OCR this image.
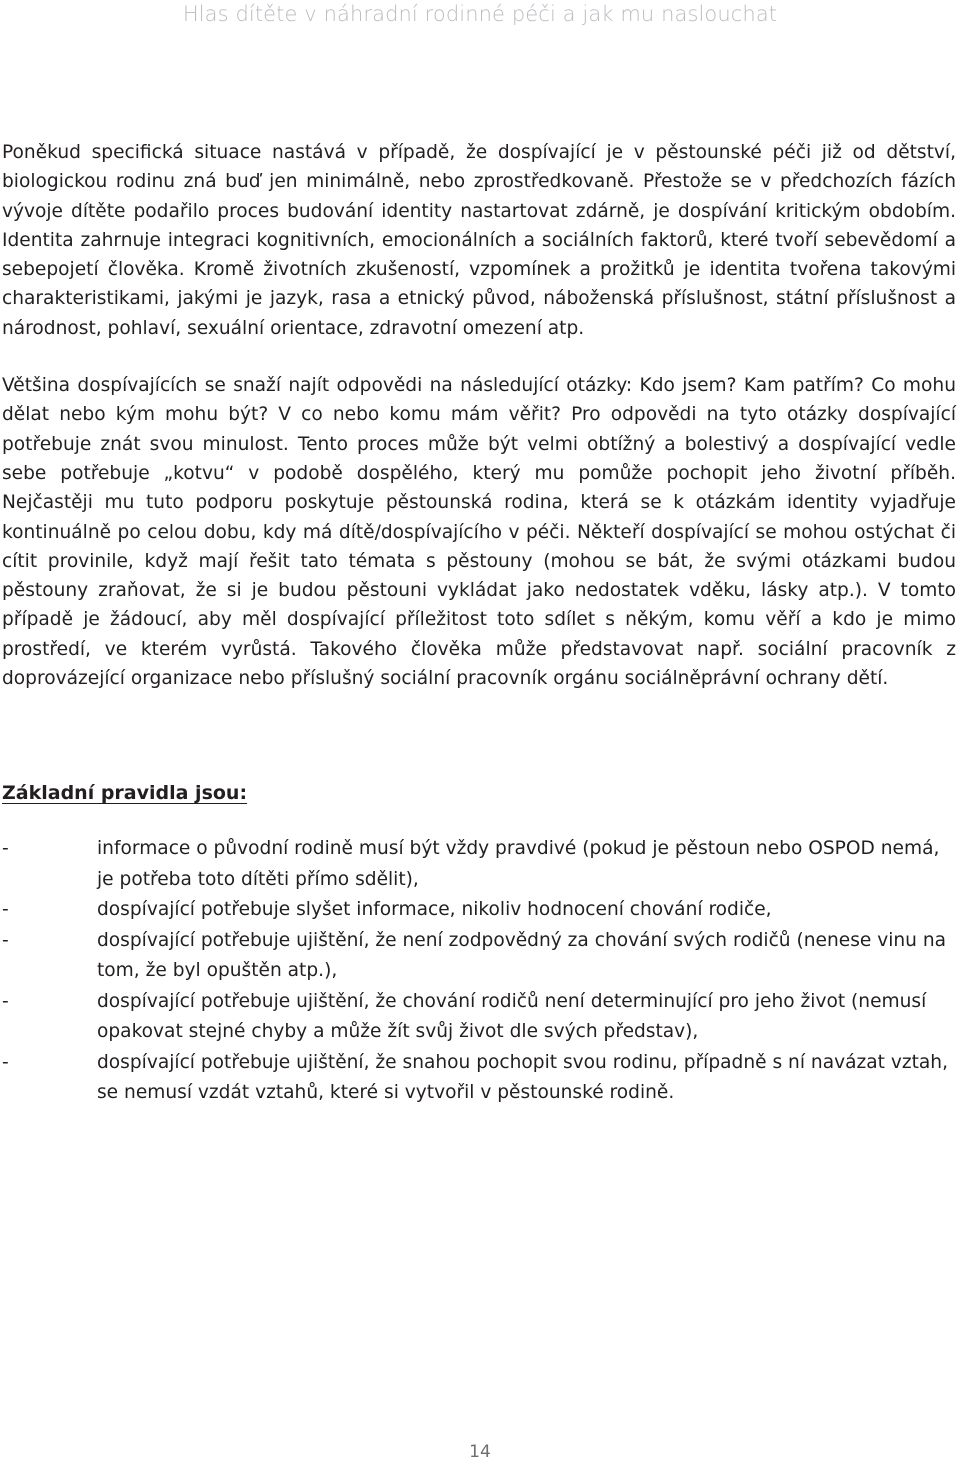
Hlas dítěte v náhradní rodinné péči a jak mu naslouchat

Poněkud specifická situace nastává v případě, že dospívající je v pěstounské péči již od dětství, biologickou rodinu zná buď jen minimálně, nebo zprostředkovaně. Přestože se v předchozích fázích vývoje dítěte podařilo proces budování identity nastartovat zdárně, je dospívání kritickým obdobím. Identita zahrnuje integraci kognitivních, emocionálních a sociálních faktorů, které tvoří sebevědomí a sebepojetí člověka. Kromě životních zkušeností, vzpomínek a prožitků je identita tvořena takovými charakteristikami, jakými je jazyk, rasa a etnický původ, náboženská příslušnost, státní příslušnost a národnost, pohlaví, sexuální orientace, zdravotní omezení atp.

Většina dospívajících se snaží najít odpovědi na následující otázky: Kdo jsem? Kam patřím? Co mohu dělat nebo kým mohu být? V co nebo komu mám věřit? Pro odpovědi na tyto otázky dospívající potřebuje znát svou minulost. Tento proces může být velmi obtížný a bolestivý a dospívající vedle sebe potřebuje „kotvu“ v podobě dospělého, který mu pomůže pochopit jeho životní příběh. Nejčastěji mu tuto podporu poskytuje pěstounská rodina, která se k otázkám identity vyjadřuje kontinuálně po celou dobu, kdy má dítě/dospívajícího v péči. Někteří dospívající se mohou ostýchat či cítit provinile, když mají řešit tato témata s pěstouny (mohou se bát, že svými otázkami budou pěstouny zraňovat, že si je budou pěstouni vykládat jako nedostatek vděku, lásky atp.). V tomto případě je žádoucí, aby měl dospívající příležitost toto sdílet s někým, komu věří a kdo je mimo prostředí, ve kterém vyrůstá. Takového člověka může představovat např. sociální pracovník z doprovázející organizace nebo příslušný sociální pracovník orgánu sociálněprávní ochrany dětí.

Základní pravidla jsou:
-	informace o původní rodině musí být vždy pravdivé (pokud je pěstoun nebo OSPOD nemá, je potřeba toto dítěti přímo sdělit),
-	dospívající potřebuje slyšet informace, nikoliv hodnocení chování rodiče,
-	dospívající potřebuje ujištění, že není zodpovědný za chování svých rodičů (nenese vinu na tom, že byl opuštěn atp.),
-	dospívající potřebuje ujištění, že chování rodičů není determinující pro jeho život (nemusí opakovat stejné chyby a může žít svůj život dle svých představ),
-	dospívající potřebuje ujištění, že snahou pochopit svou rodinu, případně s ní navázat vztah, se nemusí vzdát vztahů, které si vytvořil v pěstounské rodině.
14
